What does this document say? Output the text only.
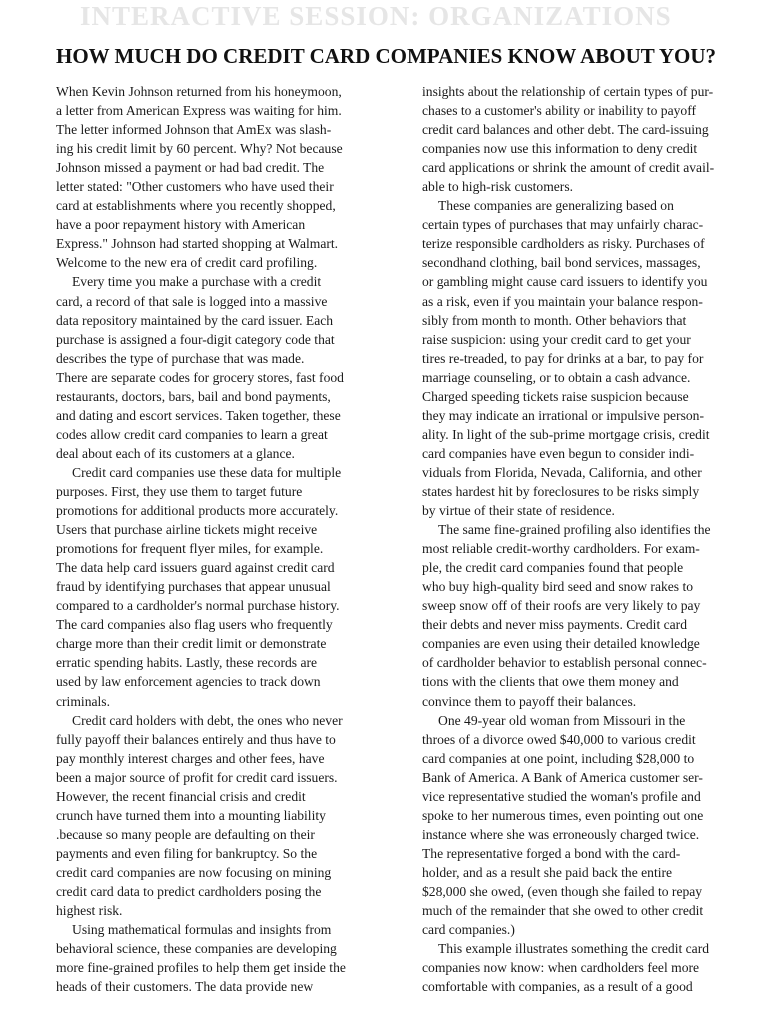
INTERACTIVE SESSION: ORGANIZATIONS
HOW MUCH DO CREDIT CARD COMPANIES KNOW ABOUT YOU?
When Kevin Johnson returned from his honeymoon,
a letter from American Express was waiting for him.
The letter informed Johnson that AmEx was slash-
ing his credit limit by 60 percent. Why? Not because
Johnson missed a payment or had bad credit. The
letter stated: "Other customers who have used their
card at establishments where you recently shopped,
have a poor repayment history with American
Express." Johnson had started shopping at Walmart.
Welcome to the new era of credit card profiling.
Every time you make a purchase with a credit
card, a record of that sale is logged into a massive
data repository maintained by the card issuer. Each
purchase is assigned a four-digit category code that
describes the type of purchase that was made.
There are separate codes for grocery stores, fast food
restaurants, doctors, bars, bail and bond payments,
and dating and escort services. Taken together, these
codes allow credit card companies to learn a great
deal about each of its customers at a glance.
Credit card companies use these data for multiple
purposes. First, they use them to target future
promotions for additional products more accurately.
Users that purchase airline tickets might receive
promotions for frequent flyer miles, for example.
The data help card issuers guard against credit card
fraud by identifying purchases that appear unusual
compared to a cardholder's normal purchase history.
The card companies also flag users who frequently
charge more than their credit limit or demonstrate
erratic spending habits. Lastly, these records are
used by law enforcement agencies to track down
criminals.
Credit card holders with debt, the ones who never
fully payoff their balances entirely and thus have to
pay monthly interest charges and other fees, have
been a major source of profit for credit card issuers.
However, the recent financial crisis and credit
crunch have turned them into a mounting liability
.because so many people are defaulting on their
payments and even filing for bankruptcy. So the
credit card companies are now focusing on mining
credit card data to predict cardholders posing the
highest risk.
Using mathematical formulas and insights from
behavioral science, these companies are developing
more fine-grained profiles to help them get inside the
heads of their customers. The data provide new
insights about the relationship of certain types of pur-
chases to a customer's ability or inability to payoff
credit card balances and other debt. The card-issuing
companies now use this information to deny credit
card applications or shrink the amount of credit avail-
able to high-risk customers.
These companies are generalizing based on
certain types of purchases that may unfairly charac-
terize responsible cardholders as risky. Purchases of
secondhand clothing, bail bond services, massages,
or gambling might cause card issuers to identify you
as a risk, even if you maintain your balance respon-
sibly from month to month. Other behaviors that
raise suspicion: using your credit card to get your
tires re-treaded, to pay for drinks at a bar, to pay for
marriage counseling, or to obtain a cash advance.
Charged speeding tickets raise suspicion because
they may indicate an irrational or impulsive person-
ality. In light of the sub-prime mortgage crisis, credit
card companies have even begun to consider indi-
viduals from Florida, Nevada, California, and other
states hardest hit by foreclosures to be risks simply
by virtue of their state of residence.
The same fine-grained profiling also identifies the
most reliable credit-worthy cardholders. For exam-
ple, the credit card companies found that people
who buy high-quality bird seed and snow rakes to
sweep snow off of their roofs are very likely to pay
their debts and never miss payments. Credit card
companies are even using their detailed knowledge
of cardholder behavior to establish personal connec-
tions with the clients that owe them money and
convince them to payoff their balances.
One 49-year old woman from Missouri in the
throes of a divorce owed $40,000 to various credit
card companies at one point, including $28,000 to
Bank of America. A Bank of America customer ser-
vice representative studied the woman's profile and
spoke to her numerous times, even pointing out one
instance where she was erroneously charged twice.
The representative forged a bond with the card-
holder, and as a result she paid back the entire
$28,000 she owed, (even though she failed to repay
much of the remainder that she owed to other credit
card companies.)
This example illustrates something the credit card
companies now know: when cardholders feel more
comfortable with companies, as a result of a good
